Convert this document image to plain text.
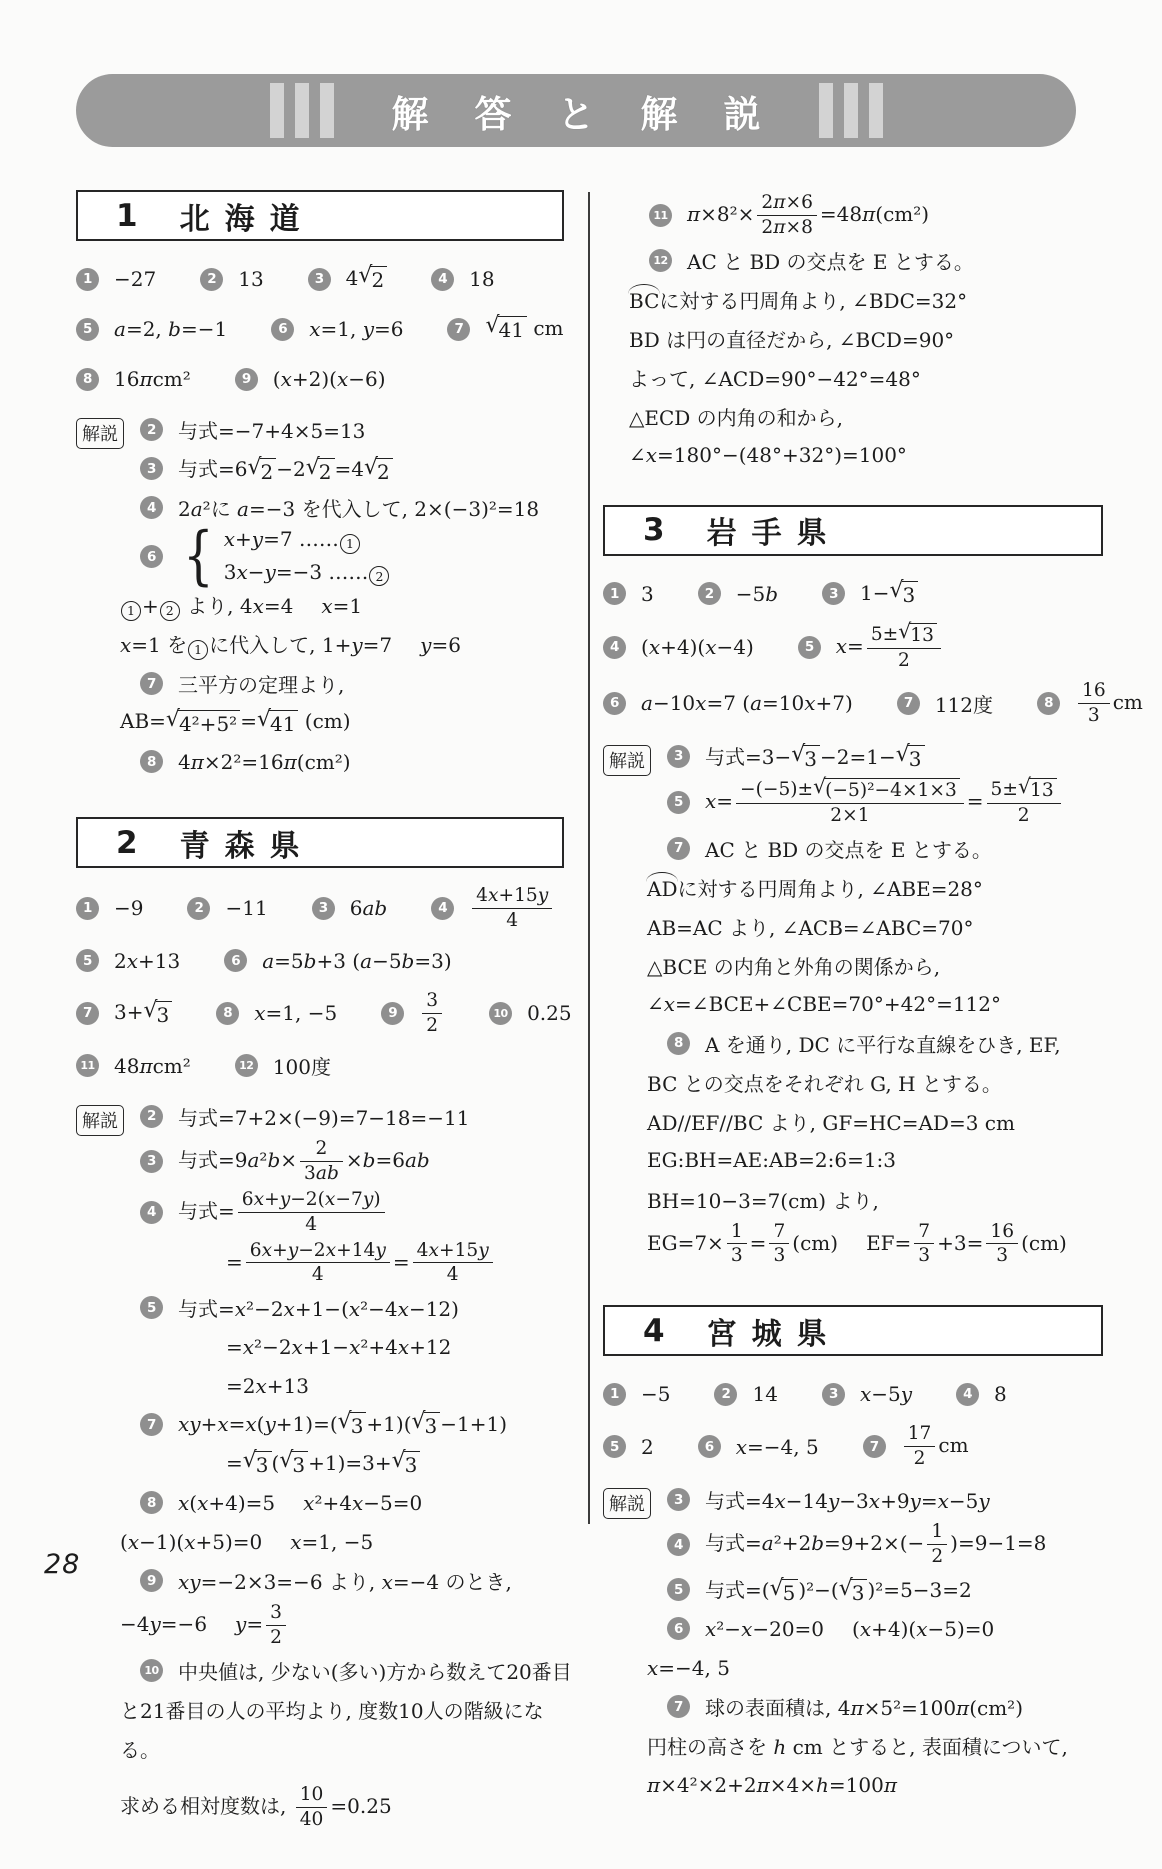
解答と解説
1 北海道
1	−27	2	13	3	4 √ 2	4	18
5	a=2, b=−1	6	x=1, y=6	7	√ 41 cm
8	16πcm²	9	(x+2)(x−6)
解説	2	与式=−7+4×5=13
3	与式=6 √ 2 −2 √ 2 =4 √ 2
4	2a²に a=−3 を代入して, 2×(−3)²=18
6 { x+y=7 …… 1
3x−y=−3 …… 2
1 + 2 より, 4x=4 x=1
x=1 を 1 に代入して, 1+y=7 y=6
7	三平方の定理より,
AB= √ 4²+5² = √ 41 (cm)
8	4π×2²=16π(cm²)
2 青森県
1	−9	2	−11	3	6ab	4	$\frac{4x+15y}{4}$
5	2x+13	6	a=5b+3 (a−5b=3)
7	3+ √ 3	8	x=1, −5	9	$\frac{3}{2}$	10 0.25
11 48πcm²	12 100度
解説	2	与式=7+2×(−9)=7−18=−11
3	与式$=9a^2b\times \frac{2}{3ab} \times b=6ab$
4	与式= $\frac{6x+y-2(x-7y)}{4}$
= $\frac{6x+y-2x+14y}{4} = \frac{4x+15y}{4}$
5	与式=x²−2x+1−(x²−4x−12)
=x²−2x+1−x²+4x+12
=2x+13
7	xy+x=x(y+1)=( √ 3 +1)( √ 3 −1+1)
= √ 3 ( √ 3 +1)=3+ √ 3
8	x(x+4)=5 x²+4x−5=0
(x−1)(x+5)=0 x=1, −5
9	xy=−2×3=−6 より, x=−4 のとき,
−4y=−6 $y= \frac{3}{2}$
10 中央値は, 少ない(多い)方から数えて20番目
と21番目の人の平均より, 度数10人の階級にな
る。
求める相対度数は, $\frac{10}{40} =0.25$
11 $\pi\times 8^2\times \frac{2\pi\times 6}{2\pi\times 8} =48\pi(cm^2)$
12 AC と BD の交点を E とする。
BCに対する円周角より, ∠BDC=32°
BD は円の直径だから, ∠BCD=90°
よって, ∠ACD=90°−42°=48°
△ECD の内角の和から,
∠x=180°−(48°+32°)=100°
3 岩手県
1	3	2	−5b	3	1− √ 3
4	(x+4)(x−4)	5	$x= \frac{5\pm √ 13}{2}$
6	a−10x=7 (a=10x+7)	7	112度	8	$\frac{16}{3}$ cm
解説	3	与式=3− √ 3 −2=1− √ 3
5	$x= \frac{\text{−(−5)± √ (−5)²−4×1×3}}{2\times 1} = \frac{5\pm √ 13}{2}$
7	AC と BD の交点を E とする。
ADに対する円周角より, ∠ABE=28°
AB=AC より, ∠ACB=∠ABC=70°
△BCE の内角と外角の関係から,
∠x=∠BCE+∠CBE=70°+42°=112°
8	A を通り, DC に平行な直線をひき, EF,
BC との交点をそれぞれ G, H とする。
AD//EF//BC より, GF=HC=AD=3 cm
EG:BH=AE:AB=2:6=1:3
BH=10−3=7(cm) より,
$EG=7\times \frac{1}{3} = \frac{7}{3} (cm)$ $EF= \frac{7}{3} +3= \frac{16}{3} (cm)$
4 宮城県
1	−5	2	14	3	x−5y	4	8
5	2	6	x=−4, 5	7	$\frac{17}{2}$ cm
解説	3	与式=4x−14y−3x+9y=x−5y
4	与式$=a^2+2b=9+2\times(- \frac{1}{2} )=9-1=8$
5	与式=( √ 5 )²−( √ 3 )²=5−3=2
6	x²−x−20=0 (x+4)(x−5)=0
x=−4, 5
7	球の表面積は, 4π×5²=100π(cm²)
円柱の高さを h cm とすると, 表面積について,
π×4²×2+2π×4×h=100π
28
